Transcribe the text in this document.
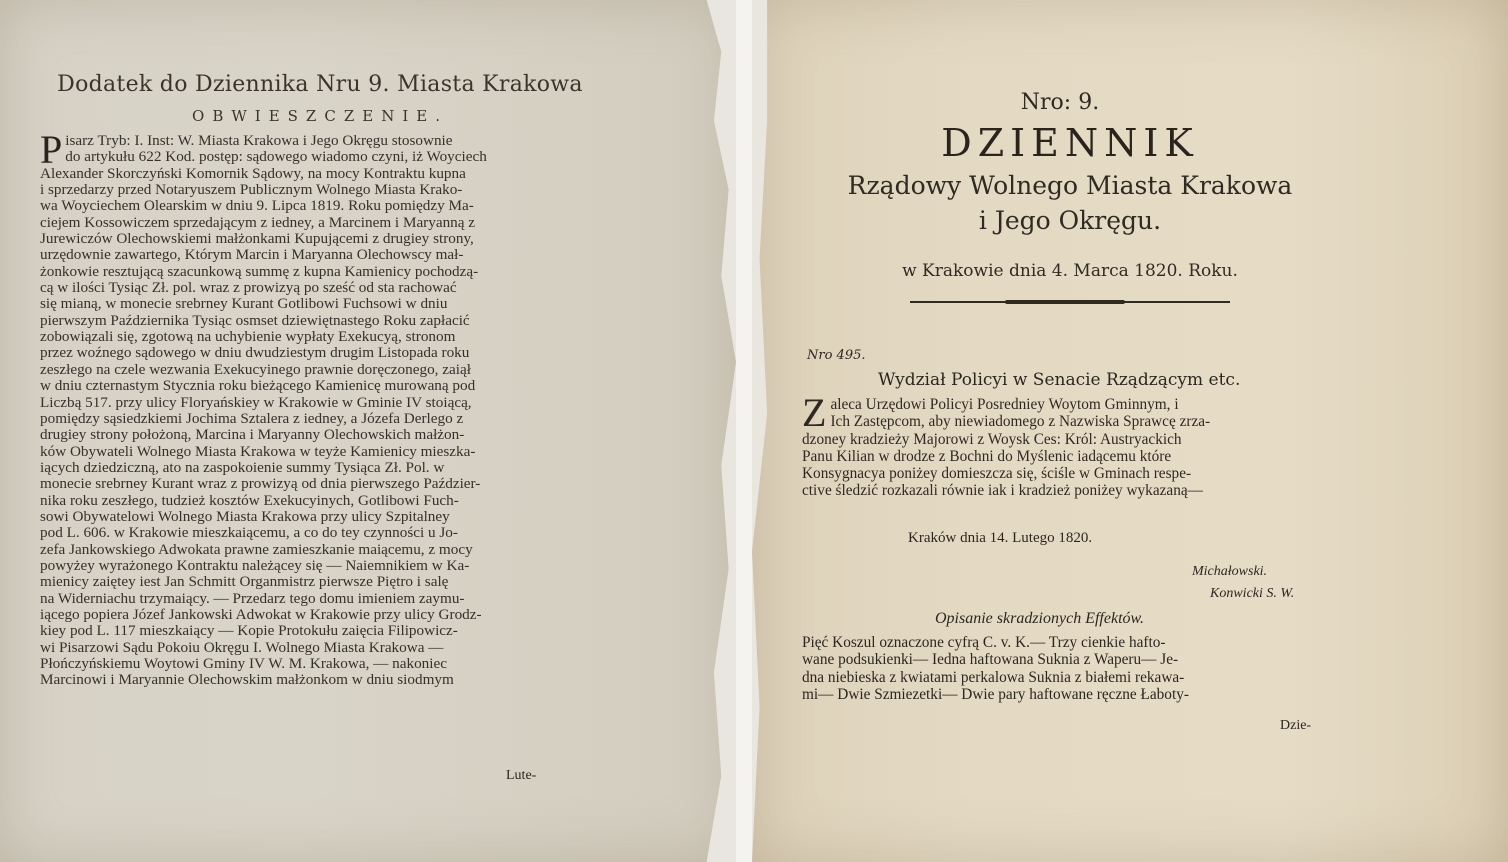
Dodatek do Dziennika Nru 9. Miasta Krakowa
OBWIESZCZENIE.
P isarz Tryb: I. Inst: W. Miasta Krakowa i Jego Okręgu stosownie
do artykułu 622 Kod. postęp: sądowego wiadomo czyni, iż Woyciech
Alexander Skorczyński Komornik Sądowy, na mocy Kontraktu kupna
i sprzedarzy przed Notaryuszem Publicznym Wolnego Miasta Krako-
wa Woyciechem Olearskim w dniu 9. Lipca 1819. Roku pomiędzy Ma-
ciejem Kossowiczem sprzedającym z iedney, a Marcinem i Maryanną z
Jurewiczów Olechowskiemi małżonkami Kupującemi z drugiey strony,
urzędownie zawartego, Którym Marcin i Maryanna Olechowscy mał-
żonkowie resztującą szacunkową summę z kupna Kamienicy pochodzą-
cą w ilości Tysiąc Zł. pol. wraz z prowizyą po sześć od sta rachować
się mianą, w monecie srebrney Kurant Gotlibowi Fuchsowi w dniu
pierwszym Października Tysiąc osmset dziewiętnastego Roku zapłacić
zobowiązali się, zgotową na uchybienie wypłaty Exekucyą, stronom
przez woźnego sądowego w dniu dwudziestym drugim Listopada roku
zeszłego na czele wezwania Exekucyinego prawnie doręczonego, zaiął
w dniu czternastym Stycznia roku bieżącego Kamienicę murowaną pod
Liczbą 517. przy ulicy Floryańskiey w Krakowie w Gminie IV stoiącą,
pomiędzy sąsiedzkiemi Jochima Sztalera z iedney, a Józefa Derlego z
drugiey strony położoną, Marcina i Maryanny Olechowskich małżon-
ków Obywateli Wolnego Miasta Krakowa w teyże Kamienicy mieszka-
iących dziedziczną, ato na zaspokoienie summy Tysiąca Zł. Pol. w
monecie srebrney Kurant wraz z prowizyą od dnia pierwszego Paździer-
nika roku zeszłego, tudzież kosztów Exekucyinych, Gotlibowi Fuch-
sowi Obywatelowi Wolnego Miasta Krakowa przy ulicy Szpitalney
pod L. 606. w Krakowie mieszkaiącemu, a co do tey czynności u Jo-
zefa Jankowskiego Adwokata prawne zamieszkanie maiącemu, z mocy
powyżey wyrażonego Kontraktu należącey się — Naiemnikiem w Ka-
mienicy zaiętey iest Jan Schmitt Organmistrz pierwsze Piętro i salę
na Widerniachu trzymaiący. — Przedarz tego domu imieniem zaymu-
iącego popiera Józef Jankowski Adwokat w Krakowie przy ulicy Grodz-
kiey pod L. 117 mieszkaiący — Kopie Protokułu zaięcia Filipowicz-
wi Pisarzowi Sądu Pokoiu Okręgu I. Wolnego Miasta Krakowa —
Płończyńskiemu Woytowi Gminy IV W. M. Krakowa, — nakoniec
Marcinowi i Maryannie Olechowskim małżonkom w dniu siodmym
Lute-
Nro: 9.
DZIENNIK
Rządowy Wolnego Miasta Krakowa
i Jego Okręgu.
w Krakowie dnia 4. Marca 1820. Roku.
Nro 495.
Wydział Policyi w Senacie Rządzącym etc.
Z aleca Urzędowi Policyi Posredniey Woytom Gminnym, i
Ich Zastępcom, aby niewiadomego z Nazwiska Sprawcę zrza-
dzoney kradzieży Majorowi z Woysk Ces: Król: Austryackich
Panu Kilian w drodze z Bochni do Myślenic iadącemu które
Konsygnacya poniżey domieszcza się, ściśle w Gminach respe-
ctive śledzić rozkazali równie iak i kradzież poniżey wykazaną—
Kraków dnia 14. Lutego 1820.
Michałowski.
Konwicki S. W.
Opisanie skradzionych Effektów.
Pięć Koszul oznaczone cyfrą C. v. K.— Trzy cienkie hafto-
wane podsukienki— Iedna haftowana Suknia z Waperu— Je-
dna niebieska z kwiatami perkalowa Suknia z białemi rekawa-
mi— Dwie Szmiezetki— Dwie pary haftowane ręczne Łaboty-
Dzie-
